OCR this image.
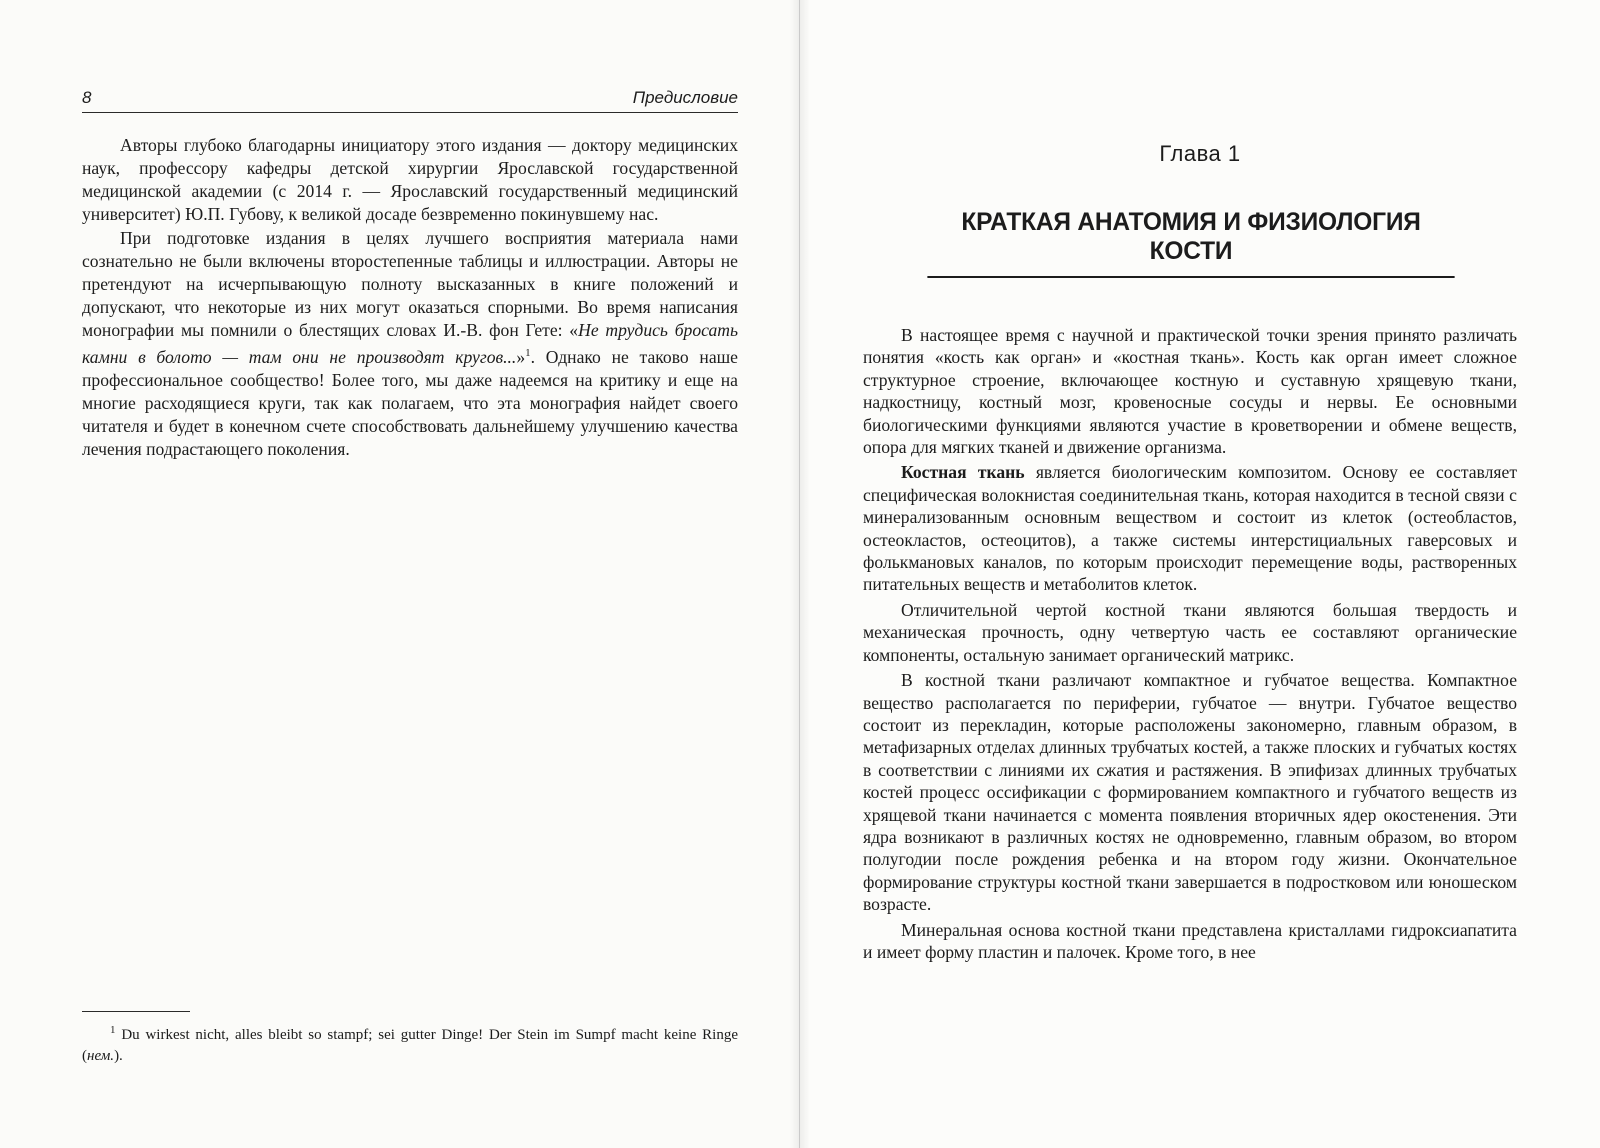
8	Предисловие

Авторы глубоко благодарны инициатору этого издания — доктору медицинских наук, профессору кафедры детской хирургии Ярославской государственной медицинской академии (с 2014 г. — Ярославский государственный медицинский университет) Ю.П. Губову, к великой досаде безвременно покинувшему нас.

При подготовке издания в целях лучшего восприятия материала нами сознательно не были включены второстепенные таблицы и иллюстрации. Авторы не претендуют на исчерпывающую полноту высказанных в книге положений и допускают, что некоторые из них могут оказаться спорными. Во время написания монографии мы помнили о блестящих словах И.-В. фон Гете: «Не трудись бросать камни в болото — там они не производят кругов...»$^1$. Однако не таково наше профессиональное сообщество! Более того, мы даже надеемся на критику и еще на многие расходящиеся круги, так как полагаем, что эта монография найдет своего читателя и будет в конечном счете способствовать дальнейшему улучшению качества лечения подрастающего поколения.

$^1$ Du wirkest nicht, alles bleibt so stampf; sei gutter Dinge! Der Stein im Sumpf macht keine Ringe (нем.).
Глава 1
КРАТКАЯ АНАТОМИЯ И ФИЗИОЛОГИЯ КОСТИ

В настоящее время с научной и практической точки зрения принято различать понятия «кость как орган» и «костная ткань». Кость как орган имеет сложное структурное строение, включающее костную и суставную хрящевую ткани, надкостницу, костный мозг, кровеносные сосуды и нервы. Ее основными биологическими функциями являются участие в кроветворении и обмене веществ, опора для мягких тканей и движение организма.

Костная ткань является биологическим композитом. Основу ее составляет специфическая волокнистая соединительная ткань, которая находится в тесной связи с минерализованным основным веществом и состоит из клеток (остеобластов, остеокластов, остеоцитов), а также системы интерстициальных гаверсовых и фолькмановых каналов, по которым происходит перемещение воды, растворенных питательных веществ и метаболитов клеток.

Отличительной чертой костной ткани являются большая твердость и механическая прочность, одну четвертую часть ее составляют органические компоненты, остальную занимает органический матрикс.

В костной ткани различают компактное и губчатое вещества. Компактное вещество располагается по периферии, губчатое — внутри. Губчатое вещество состоит из перекладин, которые расположены закономерно, главным образом, в метафизарных отделах длинных трубчатых костей, а также плоских и губчатых костях в соответствии с линиями их сжатия и растяжения. В эпифизах длинных трубчатых костей процесс оссификации с формированием компактного и губчатого веществ из хрящевой ткани начинается с момента появления вторичных ядер окостенения. Эти ядра возникают в различных костях не одновременно, главным образом, во втором полугодии после рождения ребенка и на втором году жизни. Окончательное формирование структуры костной ткани завершается в подростковом или юношеском возрасте.

Минеральная основа костной ткани представлена кристаллами гидроксиапатита и имеет форму пластин и палочек. Кроме того, в нее
